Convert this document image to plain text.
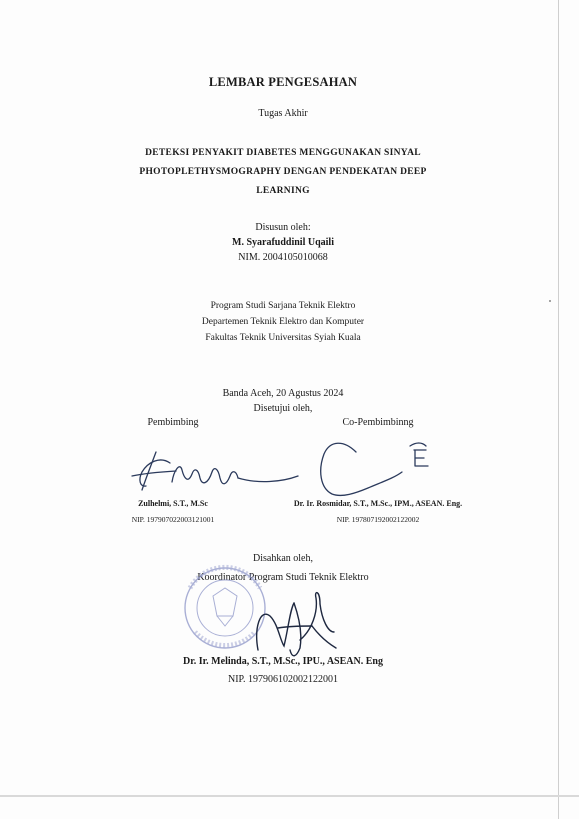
LEMBAR PENGESAHAN
Tugas Akhir
DETEKSI PENYAKIT DIABETES MENGGUNAKAN SINYAL
PHOTOPLETHYSMOGRAPHY DENGAN PENDEKATAN DEEP
LEARNING
Disusun oleh:
M. Syarafuddinil Uqaili
NIM. 2004105010068
Program Studi Sarjana Teknik Elektro
Departemen Teknik Elektro dan Komputer
Fakultas Teknik Universitas Syiah Kuala
Banda Aceh, 20 Agustus 2024
Disetujui oleh,
Pembimbing	Co-Pembimbinng
Zulhelmi, S.T., M.Sc
NIP. 197907022003121001
Dr. Ir. Rosmidar, S.T., M.Sc., IPM., ASEAN. Eng.
NIP. 197807192002122002
Disahkan oleh,
Koordinator Program Studi Teknik Elektro
Dr. Ir. Melinda, S.T., M.Sc., IPU., ASEAN. Eng
NIP. 197906102002122001
